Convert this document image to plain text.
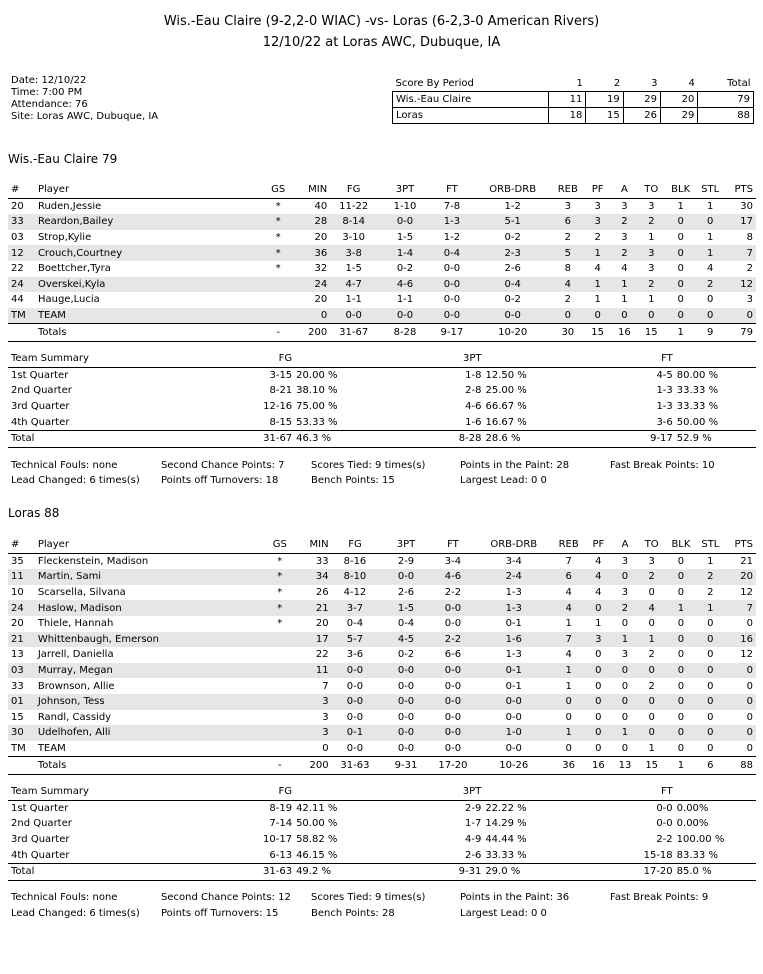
Wis.-Eau Claire (9-2,2-0 WIAC) -vs- Loras (6-2,3-0 American Rivers)
12/10/22 at Loras AWC, Dubuque, IA
Date: 12/10/22
Time: 7:00 PM
Attendance: 76
Site: Loras AWC, Dubuque, IA
Score By Period	1	2	3	4	Total
Wis.-Eau Claire	11	19	29	20	79
Loras	18	15	26	29	88
Wis.-Eau Claire 79
#	Player	GS	MIN	FG	3PT	FT	ORB-DRB	REB	PF	A	TO	BLK	STL	PTS
20	Ruden,Jessie	*	40	11-22	1-10	7-8	1-2	3	3	3	3	1	1	30
33	Reardon,Bailey	*	28	8-14	0-0	1-3	5-1	6	3	2	2	0	0	17
03	Strop,Kylie	*	20	3-10	1-5	1-2	0-2	2	2	3	1	0	1	8
12	Crouch,Courtney	*	36	3-8	1-4	0-4	2-3	5	1	2	3	0	1	7
22	Boettcher,Tyra	*	32	1-5	0-2	0-0	2-6	8	4	4	3	0	4	2
24	Overskei,Kyla		24	4-7	4-6	0-0	0-4	4	1	1	2	0	2	12
44	Hauge,Lucia		20	1-1	1-1	0-0	0-2	2	1	1	1	0	0	3
TM	TEAM		0	0-0	0-0	0-0	0-0	0	0	0	0	0	0	0
	Totals	-	200	31-67	8-28	9-17	10-20	30	15	16	15	1	9	79
Team Summary	FG		3PT		FT	
1st Quarter	3-15	20.00 %	1-8	12.50 %	4-5	80.00 %
2nd Quarter	8-21	38.10 %	2-8	25.00 %	1-3	33.33 %
3rd Quarter	12-16	75.00 %	4-6	66.67 %	1-3	33.33 %
4th Quarter	8-15	53.33 %	1-6	16.67 %	3-6	50.00 %
Total	31-67	46.3 %	8-28	28.6 %	9-17	52.9 %
Technical Fouls: none	Second Chance Points: 7	Scores Tied: 9 times(s)	Points in the Paint: 28	Fast Break Points: 10
Lead Changed: 6 times(s) Points off Turnovers: 18	Bench Points: 15	Largest Lead: 0 0
Loras 88
#	Player	GS	MIN	FG	3PT	FT	ORB-DRB	REB	PF	A	TO	BLK	STL	PTS
35	Fleckenstein, Madison	*	33	8-16	2-9	3-4	3-4	7	4	3	3	0	1	21
11	Martin, Sami	*	34	8-10	0-0	4-6	2-4	6	4	0	2	0	2	20
10	Scarsella, Silvana	*	26	4-12	2-6	2-2	1-3	4	4	3	0	0	2	12
24	Haslow, Madison	*	21	3-7	1-5	0-0	1-3	4	0	2	4	1	1	7
20	Thiele, Hannah	*	20	0-4	0-4	0-0	0-1	1	1	0	0	0	0	0
21	Whittenbaugh, Emerson		17	5-7	4-5	2-2	1-6	7	3	1	1	0	0	16
13	Jarrell, Daniella		22	3-6	0-2	6-6	1-3	4	0	3	2	0	0	12
03	Murray, Megan		11	0-0	0-0	0-0	0-1	1	0	0	0	0	0	0
33	Brownson, Allie		7	0-0	0-0	0-0	0-1	1	0	0	2	0	0	0
01	Johnson, Tess		3	0-0	0-0	0-0	0-0	0	0	0	0	0	0	0
15	Randl, Cassidy		3	0-0	0-0	0-0	0-0	0	0	0	0	0	0	0
30	Udelhofen, Alli		3	0-1	0-0	0-0	1-0	1	0	1	0	0	0	0
TM	TEAM		0	0-0	0-0	0-0	0-0	0	0	0	1	0	0	0
	Totals	-	200	31-63	9-31	17-20	10-26	36	16	13	15	1	6	88
Team Summary	FG		3PT		FT	
1st Quarter	8-19	42.11 %	2-9	22.22 %	0-0	0.00%
2nd Quarter	7-14	50.00 %	1-7	14.29 %	0-0	0.00%
3rd Quarter	10-17	58.82 %	4-9	44.44 %	2-2	100.00 %
4th Quarter	6-13	46.15 %	2-6	33.33 %	15-18	83.33 %
Total	31-63	49.2 %	9-31	29.0 %	17-20	85.0 %
Technical Fouls: none	Second Chance Points: 12 Scores Tied: 9 times(s)	Points in the Paint: 36	Fast Break Points: 9
Lead Changed: 6 times(s) Points off Turnovers: 15	Bench Points: 28	Largest Lead: 0 0
